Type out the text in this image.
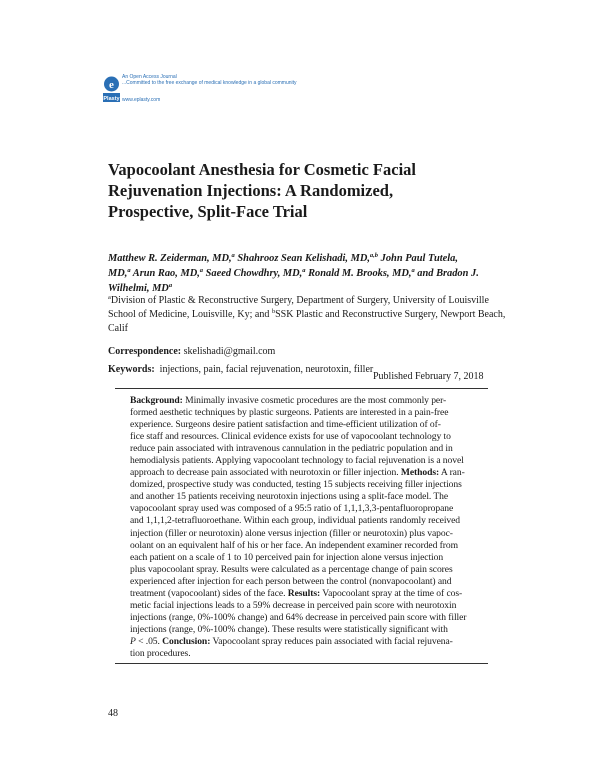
e
Plasty
An Open Access Journal
...Committed to the free exchange of medical knowledge in a global community
www.eplasty.com
Vapocoolant Anesthesia for Cosmetic Facial
Rejuvenation Injections: A Randomized,
Prospective, Split-Face Trial
Matthew R. Zeiderman, MD,$^a$ Shahrooz Sean Kelishadi, MD,$^{a,b}$ John Paul Tutela,
MD,$^a$ Arun Rao, MD,$^a$ Saeed Chowdhry, MD,$^a$ Ronald M. Brooks, MD,$^a$ and Bradon J.
Wilhelmi, $MD^a$
$^a$Division of Plastic & Reconstructive Surgery, Department of Surgery, University of Louisville
School of Medicine, Louisville, Ky; and $^b$SSK Plastic and Reconstructive Surgery, Newport Beach,
Calif
Correspondence: skelishadi@gmail.com
Keywords: injections, pain, facial rejuvenation, neurotoxin, filler
Published February 7, 2018
Background: Minimally invasive cosmetic procedures are the most commonly per-
formed aesthetic techniques by plastic surgeons. Patients are interested in a pain-free
experience. Surgeons desire patient satisfaction and time-efficient utilization of of-
fice staff and resources. Clinical evidence exists for use of vapocoolant technology to
reduce pain associated with intravenous cannulation in the pediatric population and in
hemodialysis patients. Applying vapocoolant technology to facial rejuvenation is a novel
approach to decrease pain associated with neurotoxin or filler injection. Methods: A ran-
domized, prospective study was conducted, testing 15 subjects receiving filler injections
and another 15 patients receiving neurotoxin injections using a split-face model. The
vapocoolant spray used was composed of a 95:5 ratio of 1,1,1,3,3-pentafluoropropane
and 1,1,1,2-tetrafluoroethane. Within each group, individual patients randomly received
injection (filler or neurotoxin) alone versus injection (filler or neurotoxin) plus vapoc-
oolant on an equivalent half of his or her face. An independent examiner recorded from
each patient on a scale of 1 to 10 perceived pain for injection alone versus injection
plus vapocoolant spray. Results were calculated as a percentage change of pain scores
experienced after injection for each person between the control (nonvapocoolant) and
treatment (vapocoolant) sides of the face. Results: Vapocoolant spray at the time of cos-
metic facial injections leads to a 59% decrease in perceived pain score with neurotoxin
injections (range, 0%-100% change) and 64% decrease in perceived pain score with filler
injections (range, 0%-100% change). These results were statistically significant with
P < .05. Conclusion: Vapocoolant spray reduces pain associated with facial rejuvena-
tion procedures.
48
